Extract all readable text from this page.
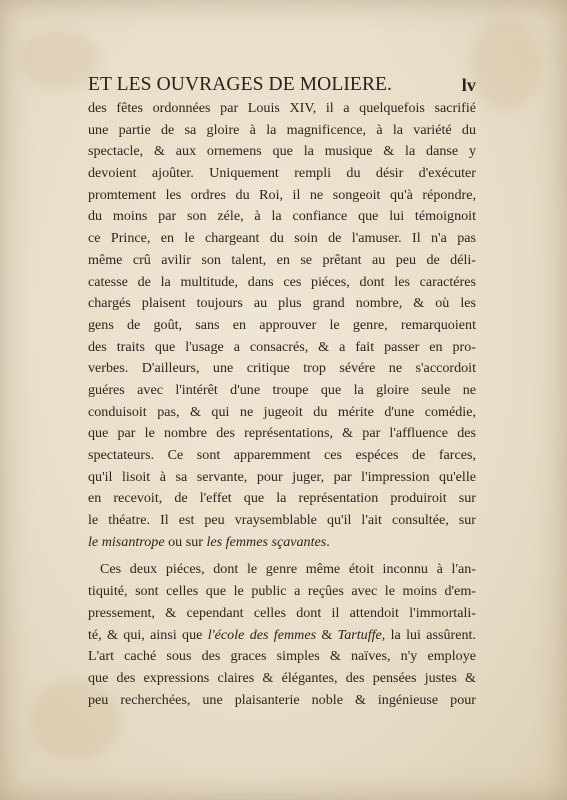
ET LES OUVRAGES DE MOLIERE.	lv
des fêtes ordonnées par Louis XIV, il a quelquefois sacrifié
une partie de sa gloire à la magnificence, à la variété du
spectacle, & aux ornemens que la musique & la danse y
devoient ajoûter. Uniquement rempli du désir d'exécuter
promtement les ordres du Roi, il ne songeoit qu'à répondre,
du moins par son zéle, à la confiance que lui témoignoit
ce Prince, en le chargeant du soin de l'amuser. Il n'a pas
même crû avilir son talent, en se prêtant au peu de déli-
catesse de la multitude, dans ces piéces, dont les caractéres
chargés plaisent toujours au plus grand nombre, & où les
gens de goût, sans en approuver le genre, remarquoient
des traits que l'usage a consacrés, & a fait passer en pro-
verbes. D'ailleurs, une critique trop sévére ne s'accordoit
guéres avec l'intérêt d'une troupe que la gloire seule ne
conduisoit pas, & qui ne jugeoit du mérite d'une comédie,
que par le nombre des représentations, & par l'affluence des
spectateurs. Ce sont apparemment ces espéces de farces,
qu'il lisoit à sa servante, pour juger, par l'impression qu'elle
en recevoit, de l'effet que la représentation produiroit sur
le théatre. Il est peu vraysemblable qu'il l'ait consultée, sur
le misantrope ou sur les femmes sçavantes.
Ces deux piéces, dont le genre même étoit inconnu à l'an-
tiquité, sont celles que le public a reçûes avec le moins d'em-
pressement, & cependant celles dont il attendoit l'immortali-
té, & qui, ainsi que l'école des femmes & Tartuffe, la lui assûrent.
L'art caché sous des graces simples & naïves, n'y employe
que des expressions claires & élégantes, des pensées justes &
peu recherchées, une plaisanterie noble & ingénieuse pour
